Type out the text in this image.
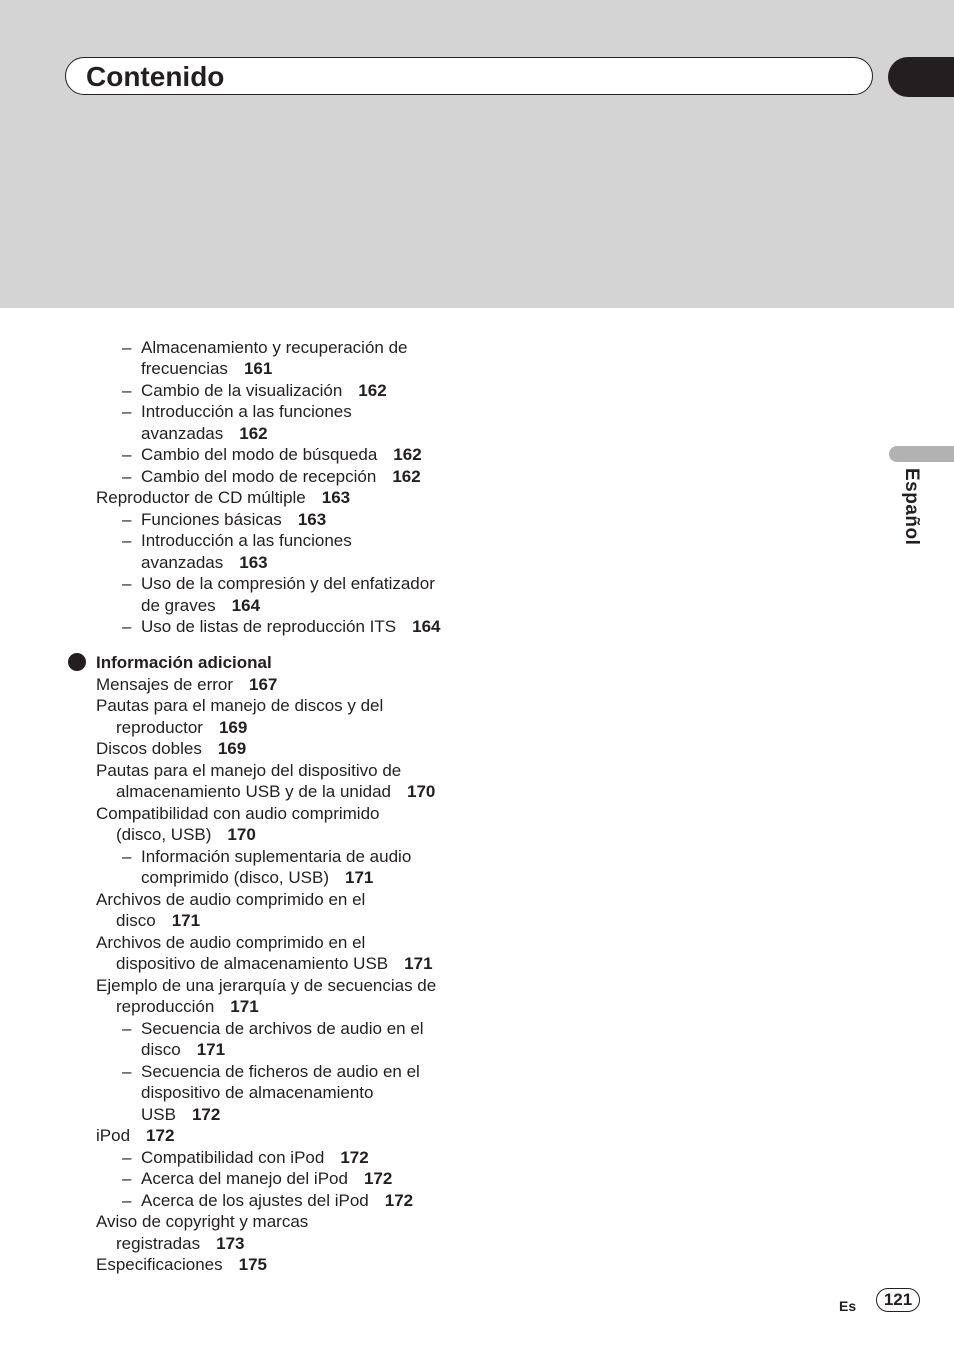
Contenido
Español
– Almacenamiento y recuperación de
frecuencias 161
– Cambio de la visualización 162
– Introducción a las funciones
avanzadas 162
– Cambio del modo de búsqueda 162
– Cambio del modo de recepción 162
Reproductor de CD múltiple 163
– Funciones básicas 163
– Introducción a las funciones
avanzadas 163
– Uso de la compresión y del enfatizador
de graves 164
– Uso de listas de reproducción ITS 164
Información adicional
Mensajes de error 167
Pautas para el manejo de discos y del
reproductor 169
Discos dobles 169
Pautas para el manejo del dispositivo de
almacenamiento USB y de la unidad 170
Compatibilidad con audio comprimido
(disco, USB) 170
– Información suplementaria de audio
comprimido (disco, USB) 171
Archivos de audio comprimido en el
disco 171
Archivos de audio comprimido en el
dispositivo de almacenamiento USB 171
Ejemplo de una jerarquía y de secuencias de
reproducción 171
– Secuencia de archivos de audio en el
disco 171
– Secuencia de ficheros de audio en el
dispositivo de almacenamiento
USB 172
iPod 172
– Compatibilidad con iPod 172
– Acerca del manejo del iPod 172
– Acerca de los ajustes del iPod 172
Aviso de copyright y marcas
registradas 173
Especificaciones 175
Es	121
